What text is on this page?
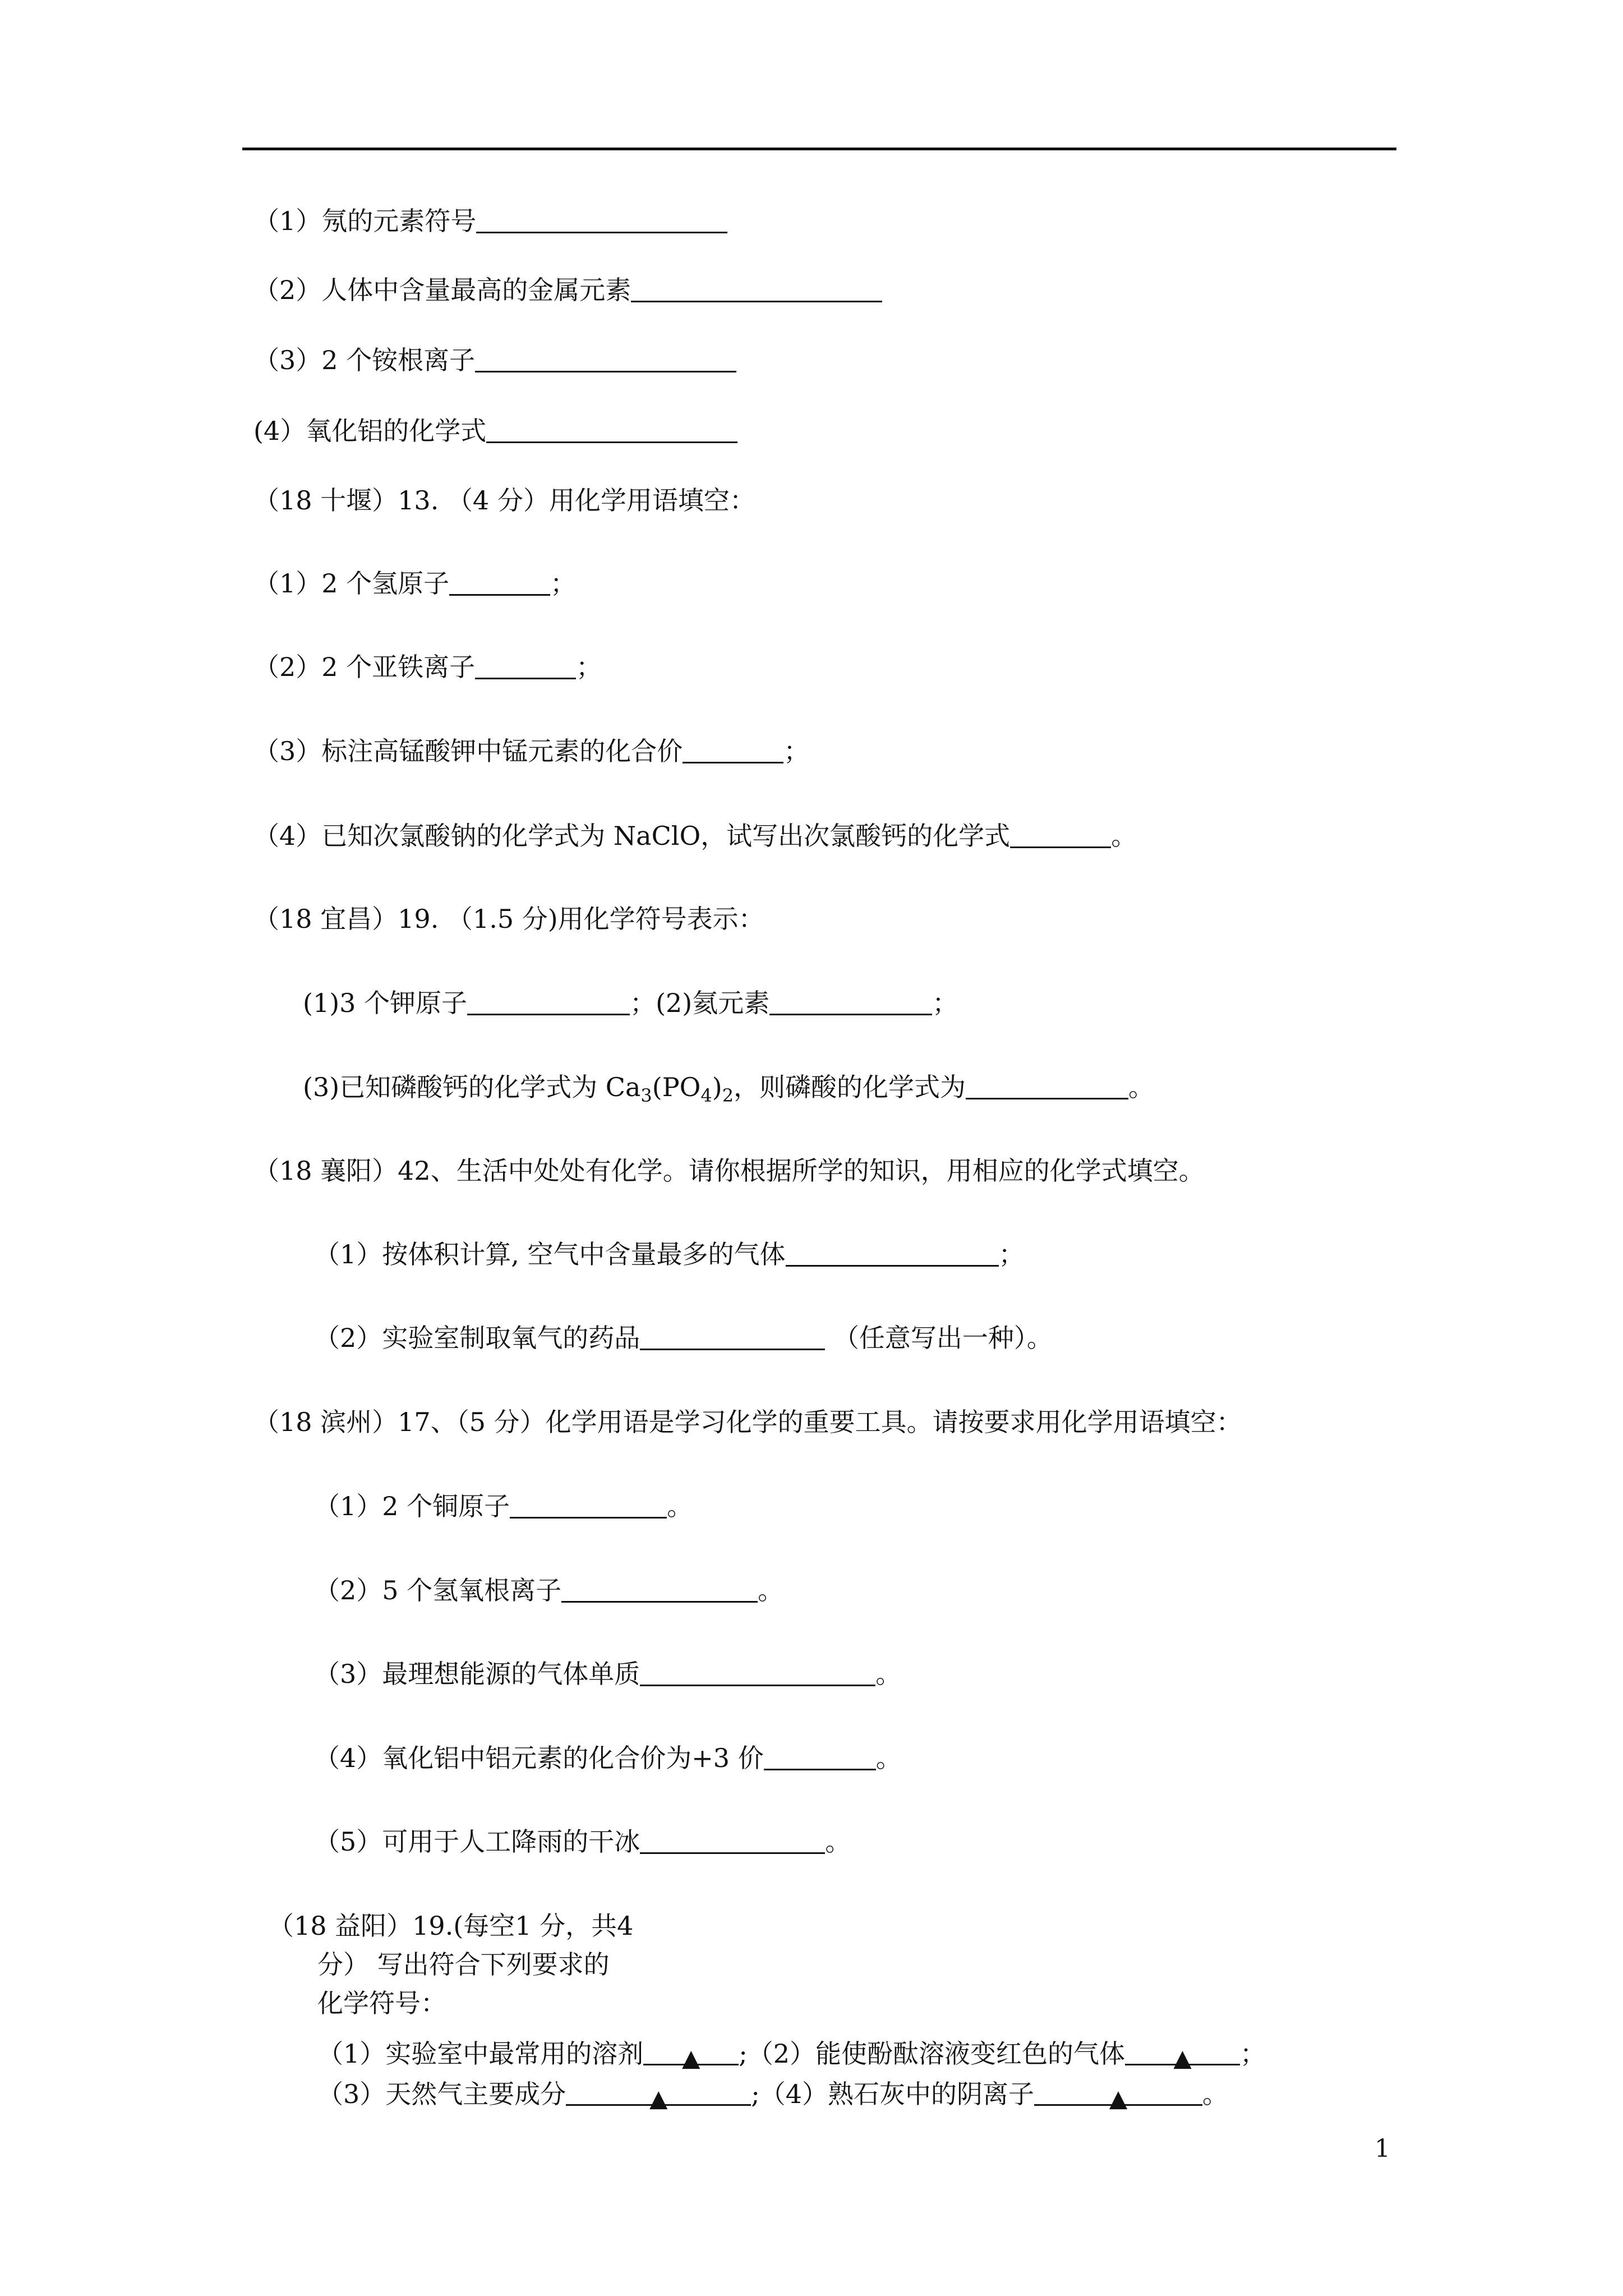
（1）氖的元素符号
（2）人体中含量最高的金属元素
（3）2 个铵根离子
(4）氧化铝的化学式
（18 十堰）13. （4 分）用化学用语填空：
（1）2 个氢原子	；
（2）2 个亚铁离子	；
（3）标注高锰酸钾中锰元素的化合价	；
（4）已知次氯酸钠的化学式为 NaClO，试写出次氯酸钙的化学式	。
（18 宜昌）19. （1.5 分)用化学符号表示：
(1)3 个钾原子	；(2)氦元素	；
(3)已知磷酸钙的化学式为 $Ca_3(PO_4)_2$，则磷酸的化学式为	。
（18 襄阳）42、生活中处处有化学。请你根据所学的知识，用相应的化学式填空。
（1）按体积计算, 空气中含量最多的气体	；
（2）实验室制取氧气的药品	（任意写出一种）。
（18 滨州）17、（5 分）化学用语是学习化学的重要工具。请按要求用化学用语填空：
（1）2 个铜原子	。
（2）5 个氢氧根离子	。
（3）最理想能源的气体单质	。
（4）氧化铝中铝元素的化合价为+3 价	。
（5）可用于人工降雨的干冰	。
（18 益阳）19.(每空1 分，共4
分） 写出符合下列要求的
化学符号：
（1）实验室中最常用的溶剂 ▲ ;（2）能使酚酞溶液变红色的气体 ▲ ；
（3）天然气主要成分	▲	;（4）熟石灰中的阴离子	▲	。
1
